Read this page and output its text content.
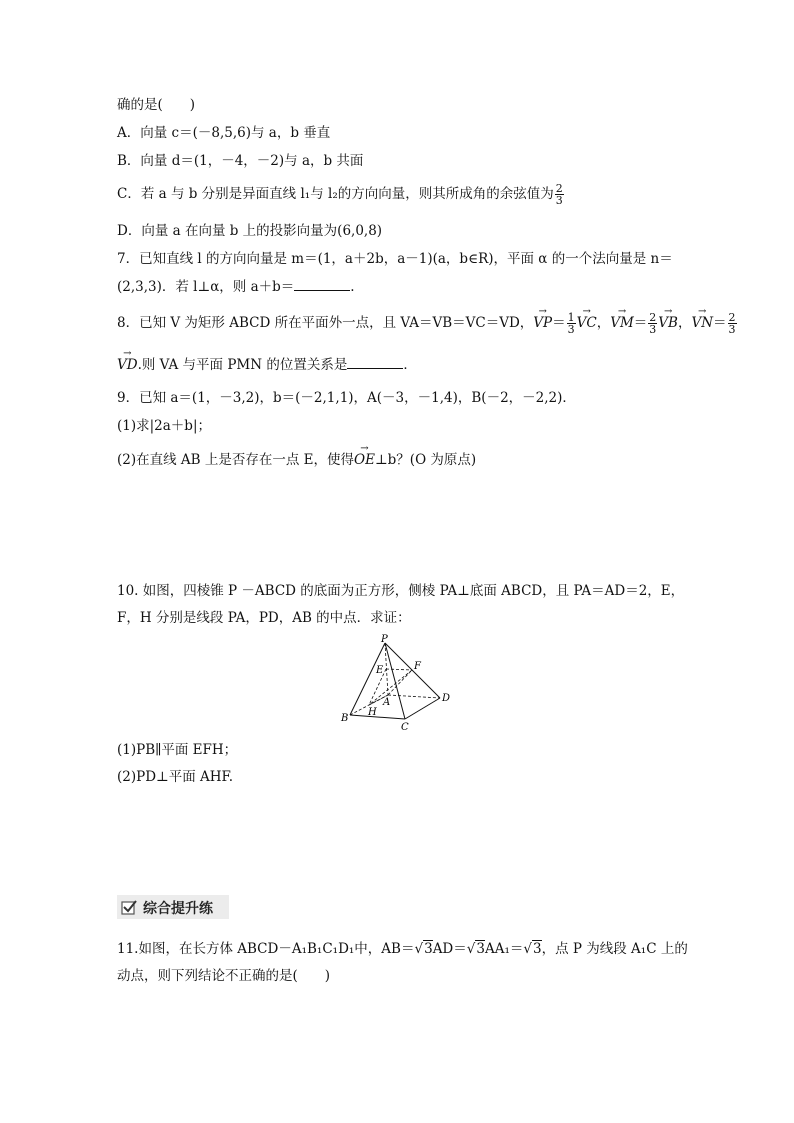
确的是(　　)
A．向量 c＝(－8,5,6)与 a，b 垂直
B．向量 d＝(1，－4，－2)与 a，b 共面
C．若 a 与 b 分别是异面直线 l₁与 l₂的方向向量，则其所成角的余弦值为 $\frac{2}{3}$
D．向量 a 在向量 b 上的投影向量为(6,0,8)
7．已知直线 l 的方向向量是 m＝(1，a＋2b，a－1)(a，b∈R)，平面 α 的一个法向量是 n＝
(2,3,3)．若 l⊥α，则 a＋b＝	.
8．已知 V 为矩形 ABCD 所在平面外一点，且 VA＝VB＝VC＝VD，→ $VP= \frac{1}{3}$ → VC，→ $VM= \frac{2}{3}$ → VB，→ $VN= \frac{2}{3}$
→ VD.则 VA 与平面 PMN 的位置关系是	．
9．已知 a＝(1，－3,2)，b＝(－2,1,1)，A(－3，－1,4)，B(－2，－2,2)．
(1)求|2a＋b|；
(2)在直线 AB 上是否存在一点 E，使得→ OE⊥b？(O 为原点)
10. 如图，四棱锥 P －ABCD 的底面为正方形，侧棱 PA⊥底面 ABCD，且 PA＝AD＝2，E，
F，H 分别是线段 PA，PD，AB 的中点．求证：
P
E	F
A	D
B
H
C
(1)PB∥平面 EFH；
(2)PD⊥平面 AHF.
综合提升练
11.如图，在长方体 ABCD－A₁B₁C₁D₁中，AB＝√3AD＝√3AA₁＝√3，点 P 为线段 A₁C 上的
动点，则下列结论不正确的是(　　)
